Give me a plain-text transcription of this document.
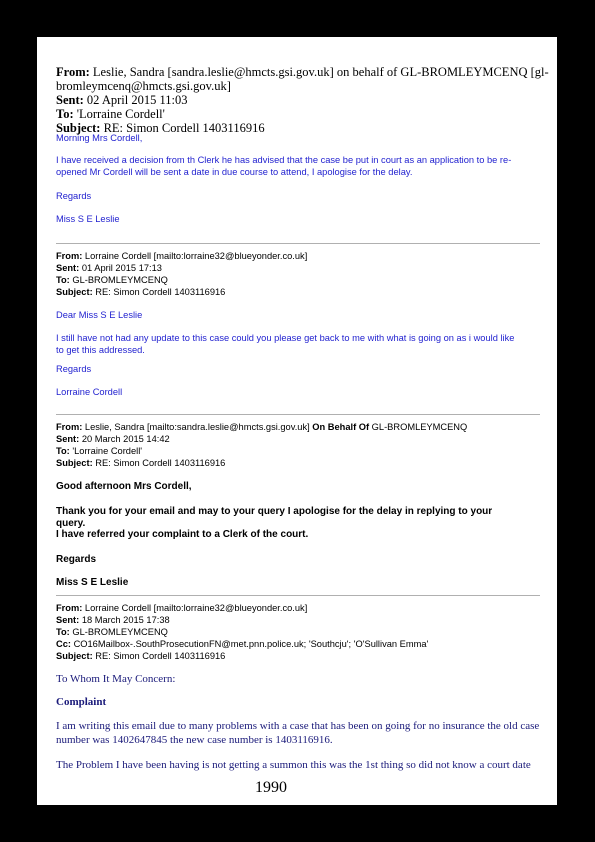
From: Leslie, Sandra [sandra.leslie@hmcts.gsi.gov.uk] on behalf of GL-BROMLEYMCENQ [gl-
bromleymcenq@hmcts.gsi.gov.uk]
Sent: 02 April 2015 11:03
To: 'Lorraine Cordell'
Subject: RE: Simon Cordell 1403116916
Morning Mrs Cordell,
I have received a decision from th Clerk he has advised that the case be put in court as an application to be re-
opened Mr Cordell will be sent a date in due course to attend, I apologise for the delay.
Regards
Miss S E Leslie
From: Lorraine Cordell [mailto:lorraine32@blueyonder.co.uk]
Sent: 01 April 2015 17:13
To: GL-BROMLEYMCENQ
Subject: RE: Simon Cordell 1403116916
Dear Miss S E Leslie
I still have not had any update to this case could you please get back to me with what is going on as i would like
to get this addressed.
Regards
Lorraine Cordell
From: Leslie, Sandra [mailto:sandra.leslie@hmcts.gsi.gov.uk] On Behalf Of GL-BROMLEYMCENQ
Sent: 20 March 2015 14:42
To: 'Lorraine Cordell'
Subject: RE: Simon Cordell 1403116916
Good afternoon Mrs Cordell,
Thank you for your email and may to your query I apologise for the delay in replying to your
query.
I have referred your complaint to a Clerk of the court.
Regards
Miss S E Leslie
From: Lorraine Cordell [mailto:lorraine32@blueyonder.co.uk]
Sent: 18 March 2015 17:38
To: GL-BROMLEYMCENQ
Cc: CO16Mailbox-.SouthProsecutionFN@met.pnn.police.uk; 'Southcju'; 'O'Sullivan Emma'
Subject: RE: Simon Cordell 1403116916
To Whom It May Concern:
Complaint
I am writing this email due to many problems with a case that has been on going for no insurance the old case
number was 1402647845 the new case number is 1403116916.
The Problem I have been having is not getting a summon this was the 1st thing so did not know a court date
1990
